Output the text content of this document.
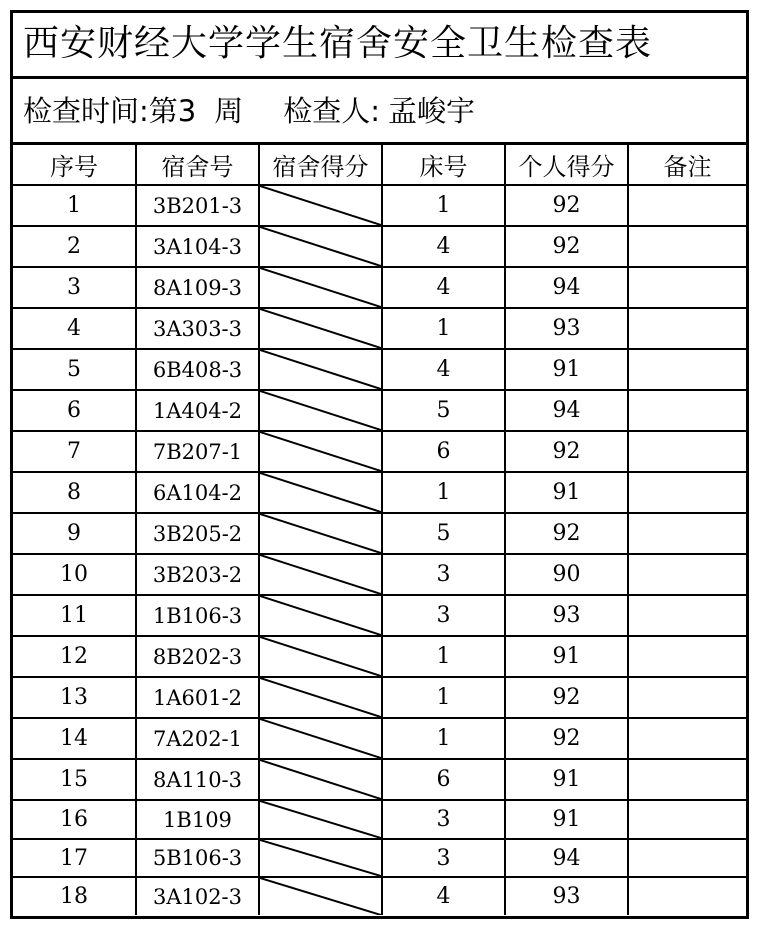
西安财经大学学生宿舍安全卫生检查表
检查时间:第3 周 检查人: 孟峻宇
序号	宿舍号	宿舍得分	床号	个人得分	备注
1	3B201-3		1	92	
2	3A104-3		4	92	
3	8A109-3		4	94	
4	3A303-3		1	93	
5	6B408-3		4	91	
6	1A404-2		5	94	
7	7B207-1		6	92	
8	6A104-2		1	91	
9	3B205-2		5	92	
10	3B203-2		3	90	
11	1B106-3		3	93	
12	8B202-3		1	91	
13	1A601-2		1	92	
14	7A202-1		1	92	
15	8A110-3		6	91	
16	1B109		3	91	
17	5B106-3		3	94	
18	3A102-3		4	93	
